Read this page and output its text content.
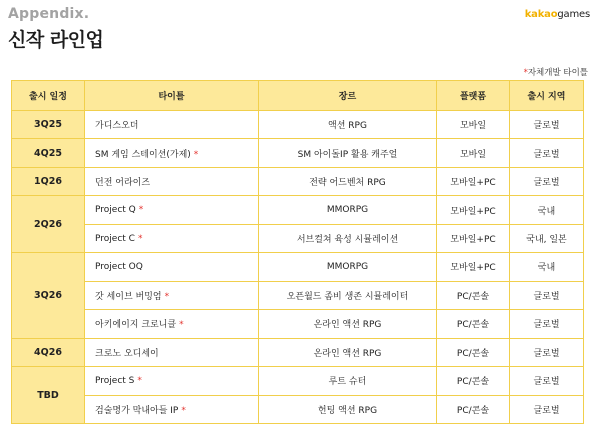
Appendix.
신작 라인업
kakaogames
*자체개발 타이틀
출시 일정	타이틀	장르	플랫폼	출시 지역
3Q25	가디스오더	액션 RPG	모바일	글로벌
4Q25	SM 게임 스테이션(가제) *	SM 아이돌IP 활용 캐주얼	모바일	글로벌
1Q26	던전 어라이즈	전략 어드벤처 RPG	모바일+PC	글로벌
2Q26	Project Q *	MMORPG	모바일+PC	국내
	Project C *	서브컬쳐 육성 시뮬레이션	모바일+PC	국내, 일본
3Q26	Project OQ	MMORPG	모바일+PC	국내
	갓 세이브 버밍엄 *	오픈월드 좀비 생존 시뮬레이터	PC/콘솔	글로벌
	아키에이지 크로니클 *	온라인 액션 RPG	PC/콘솔	글로벌
4Q26	크로노 오디세이	온라인 액션 RPG	PC/콘솔	글로벌
TBD	Project S *	루트 슈터	PC/콘솔	글로벌
	검술명가 막내아들 IP *	헌팅 액션 RPG	PC/콘솔	글로벌
